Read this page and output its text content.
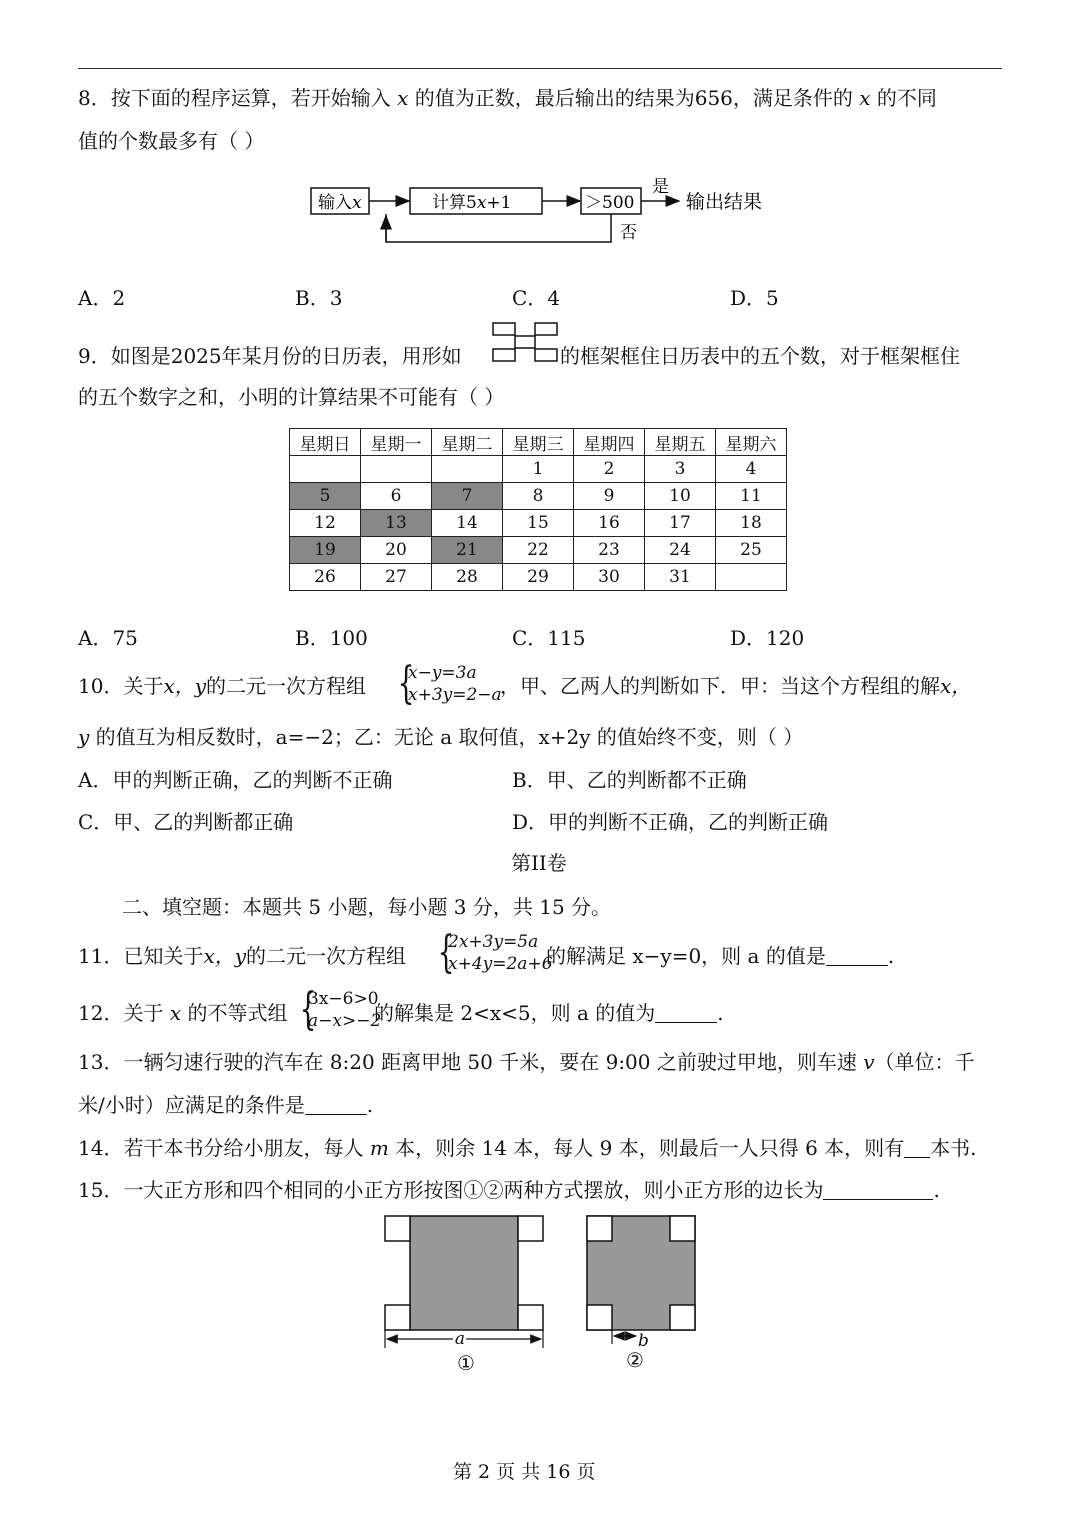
8．按下面的程序运算，若开始输入 x 的值为正数，最后输出的结果为656，满足条件的 x 的不同
值的个数最多有（ ）
输入x	计算5x+1	＞500
是
输出结果
否
A．2	B．3	C．4	D．5
9．如图是2025年某月份的日历表，用形如	的框架框住日历表中的五个数，对于框架框住
的五个数字之和，小明的计算结果不可能有（ ）
星期日	星期一	星期二	星期三	星期四	星期五	星期六
			1	2	3	4
5	6	7	8	9	10	11
12	13	14	15	16	17	18
19	20	21	22	23	24	25
26	27	28	29	30	31	
A．75	B．100	C．115	D．120
10．关于x，y的二元一次方程组 {
x−y=3a
x+3y=2−a
，甲、乙两人的判断如下．甲：当这个方程组的解x，
y 的值互为相反数时，a=−2；乙：无论 a 取何值，x+2y 的值始终不变，则（ ）
A．甲的判断正确，乙的判断不正确	B．甲、乙的判断都不正确
C．甲、乙的判断都正确	D．甲的判断不正确，乙的判断正确
第II卷
二、填空题：本题共 5 小题，每小题 3 分，共 15 分。
11．已知关于x，y的二元一次方程组 {
2x+3y=5a
x+4y=2a+6
的解满足 x−y=0，则 a 的值是	.
12．关于 x 的不等式组 {
3x−6>0
a−x>−2
的解集是 2<x<5，则 a 的值为	.
13．一辆匀速行驶的汽车在 8:20 距离甲地 50 千米，要在 9:00 之前驶过甲地，则车速 v（单位：千
米/小时）应满足的条件是	.
14．若干本书分给小朋友，每人 m 本，则余 14 本，每人 9 本，则最后一人只得 6 本，则有 本书.
15．一大正方形和四个相同的小正方形按图①②两种方式摆放，则小正方形的边长为	.
a
①
b
②
第 2 页 共 16 页
